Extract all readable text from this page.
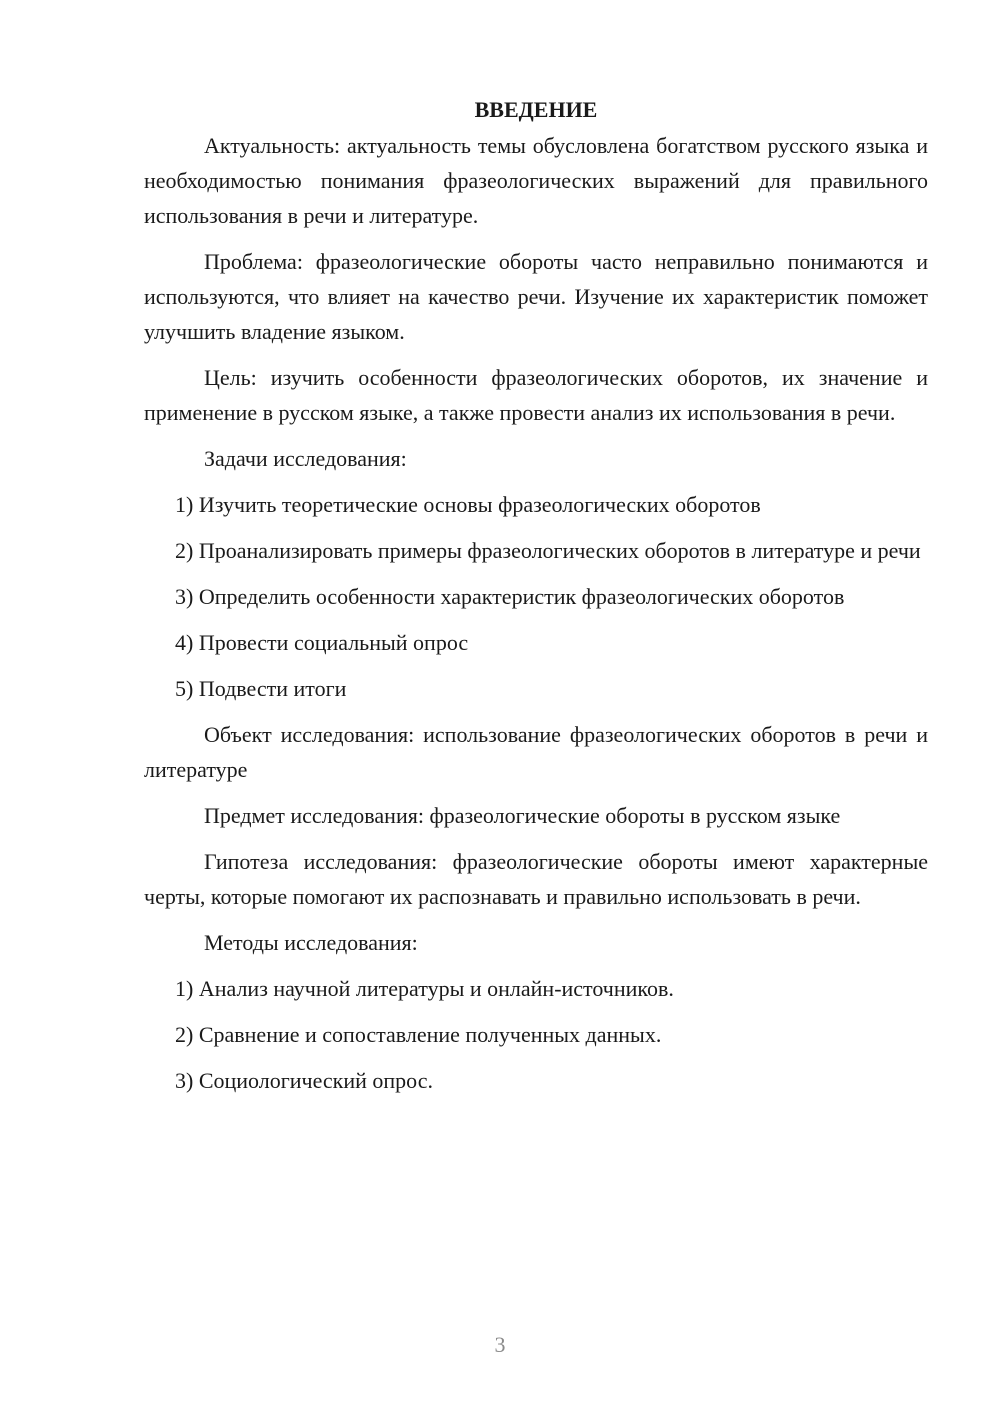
ВВЕДЕНИЕ

Актуальность: актуальность темы обусловлена богатством русского языка и необходимостью понимания фразеологических выражений для правильного использования в речи и литературе.

Проблема: фразеологические обороты часто неправильно понимаются и используются, что влияет на качество речи. Изучение их характеристик поможет улучшить владение языком.

Цель: изучить особенности фразеологических оборотов, их значение и применение в русском языке, а также провести анализ их использования в речи.

Задачи исследования:

1) Изучить теоретические основы фразеологических оборотов

2) Проанализировать примеры фразеологических оборотов в литературе и речи

3) Определить особенности характеристик фразеологических оборотов

4) Провести социальный опрос

5) Подвести итоги

Объект исследования: использование фразеологических оборотов в речи и литературе

Предмет исследования: фразеологические обороты в русском языке

Гипотеза исследования: фразеологические обороты имеют характерные черты, которые помогают их распознавать и правильно использовать в речи.

Методы исследования:

1) Анализ научной литературы и онлайн-источников.

2) Сравнение и сопоставление полученных данных.

3) Социологический опрос.

3
